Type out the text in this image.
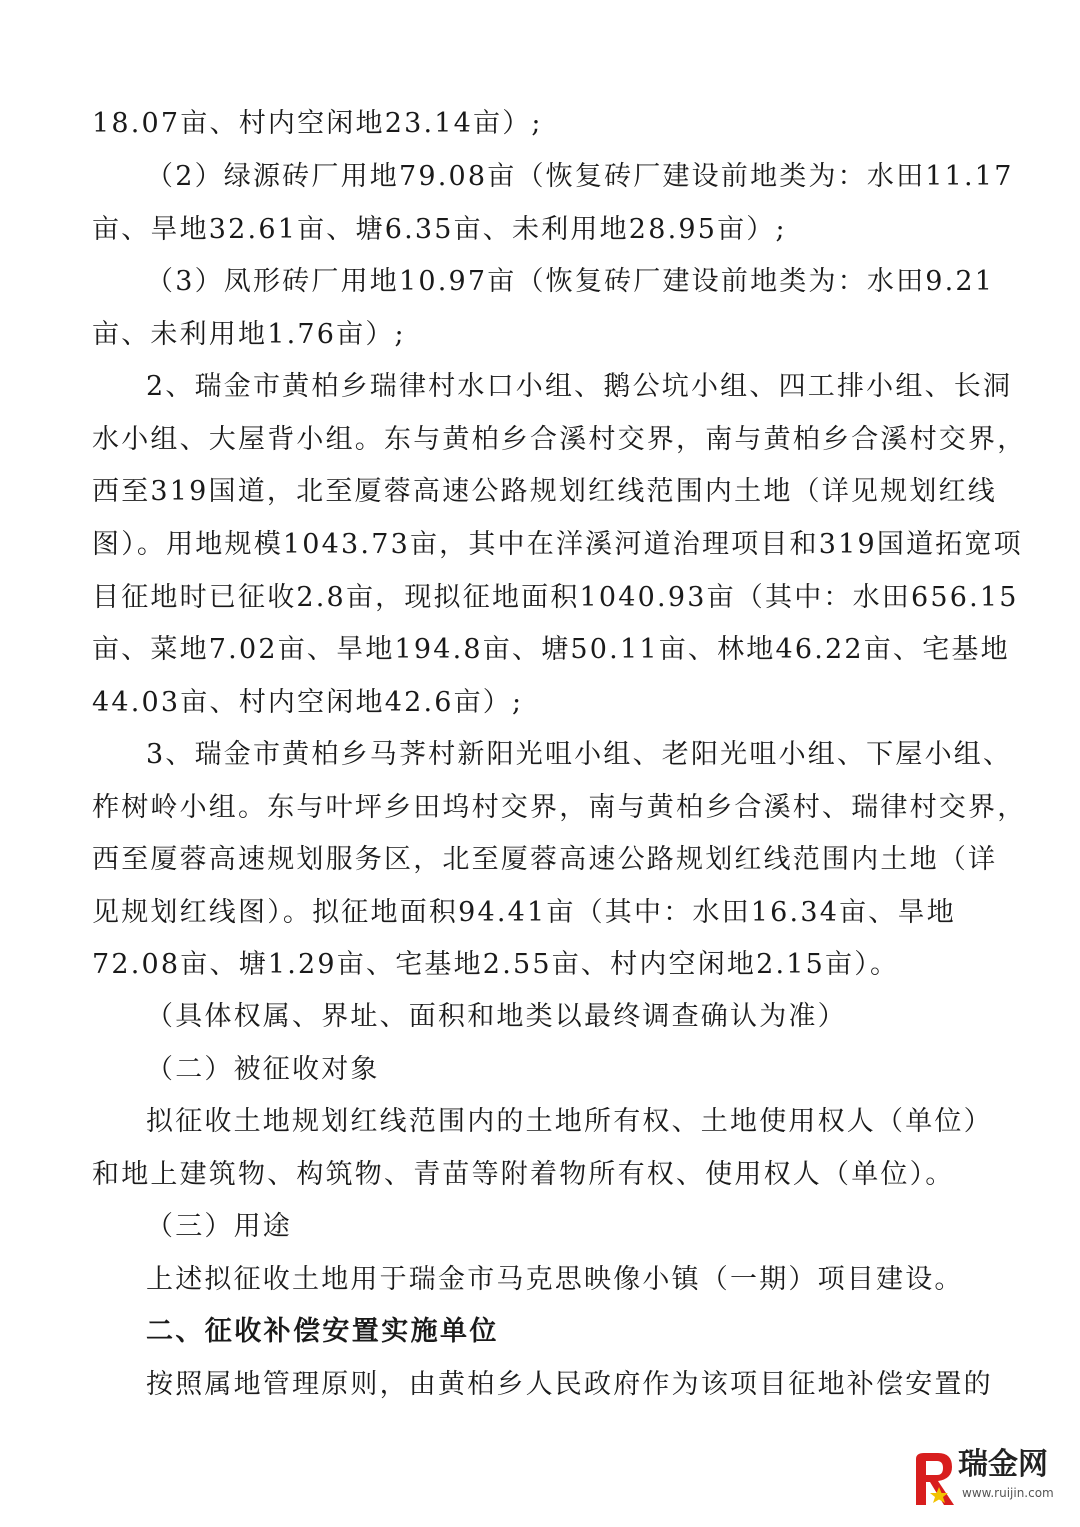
18.07亩、村内空闲地23.14亩）;
（2）绿源砖厂用地79.08亩（恢复砖厂建设前地类为：水田11.17
亩、旱地32.61亩、塘6.35亩、未利用地28.95亩）;
（3）凤形砖厂用地10.97亩（恢复砖厂建设前地类为：水田9.21
亩、未利用地1.76亩）;
2、瑞金市黄柏乡瑞律村水口小组、鹅公坑小组、四工排小组、长洞
水小组、大屋背小组。东与黄柏乡合溪村交界，南与黄柏乡合溪村交界，
西至319国道，北至厦蓉高速公路规划红线范围内土地（详见规划红线
图）。用地规模1043.73亩，其中在洋溪河道治理项目和319国道拓宽项
目征地时已征收2.8亩，现拟征地面积1040.93亩（其中：水田656.15
亩、菜地7.02亩、旱地194.8亩、塘50.11亩、林地46.22亩、宅基地
44.03亩、村内空闲地42.6亩）;
3、瑞金市黄柏乡马荠村新阳光咀小组、老阳光咀小组、下屋小组、
柞树岭小组。东与叶坪乡田坞村交界，南与黄柏乡合溪村、瑞律村交界，
西至厦蓉高速规划服务区，北至厦蓉高速公路规划红线范围内土地（详
见规划红线图）。拟征地面积94.41亩（其中：水田16.34亩、旱地
72.08亩、塘1.29亩、宅基地2.55亩、村内空闲地2.15亩）。
（具体权属、界址、面积和地类以最终调查确认为准）
（二）被征收对象
拟征收土地规划红线范围内的土地所有权、土地使用权人（单位）
和地上建筑物、构筑物、青苗等附着物所有权、使用权人（单位）。
（三）用途
上述拟征收土地用于瑞金市马克思映像小镇（一期）项目建设。
二、征收补偿安置实施单位
按照属地管理原则，由黄柏乡人民政府作为该项目征地补偿安置的
瑞金网
www.ruijin.com
